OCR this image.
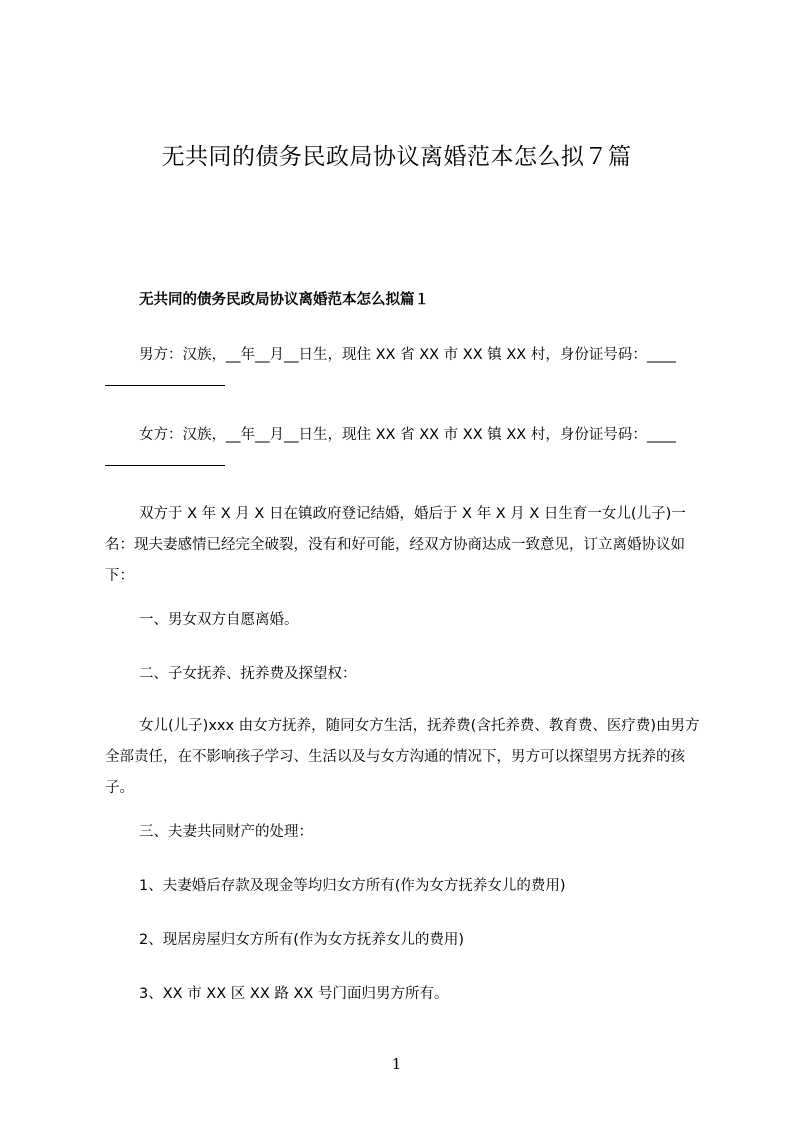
无共同的债务民政局协议离婚范本怎么拟７篇
无共同的债务民政局协议离婚范本怎么拟篇１
男方：汉族，__年__月__日生，现住 XX 省 XX 市 XX 镇 XX 村，身份证号码：____
女方：汉族，__年__月__日生，现住 XX 省 XX 市 XX 镇 XX 村，身份证号码：____

双方于 X 年 X 月 X 日在镇政府登记结婚，婚后于 X 年 X 月 X 日生育一女儿(儿子)一名：现夫妻感情已经完全破裂，没有和好可能，经双方协商达成一致意见，订立离婚协议如下：

一、男女双方自愿离婚。

二、子女抚养、抚养费及探望权：

女儿(儿子)xxx 由女方抚养，随同女方生活，抚养费(含托养费、教育费、医疗费)由男方全部责任，在不影响孩子学习、生活以及与女方沟通的情况下，男方可以探望男方抚养的孩子。

三、夫妻共同财产的处理：

1、夫妻婚后存款及现金等均归女方所有(作为女方抚养女儿的费用)

2、现居房屋归女方所有(作为女方抚养女儿的费用)

3、XX 市 XX 区 XX 路 XX 号门面归男方所有。

1
